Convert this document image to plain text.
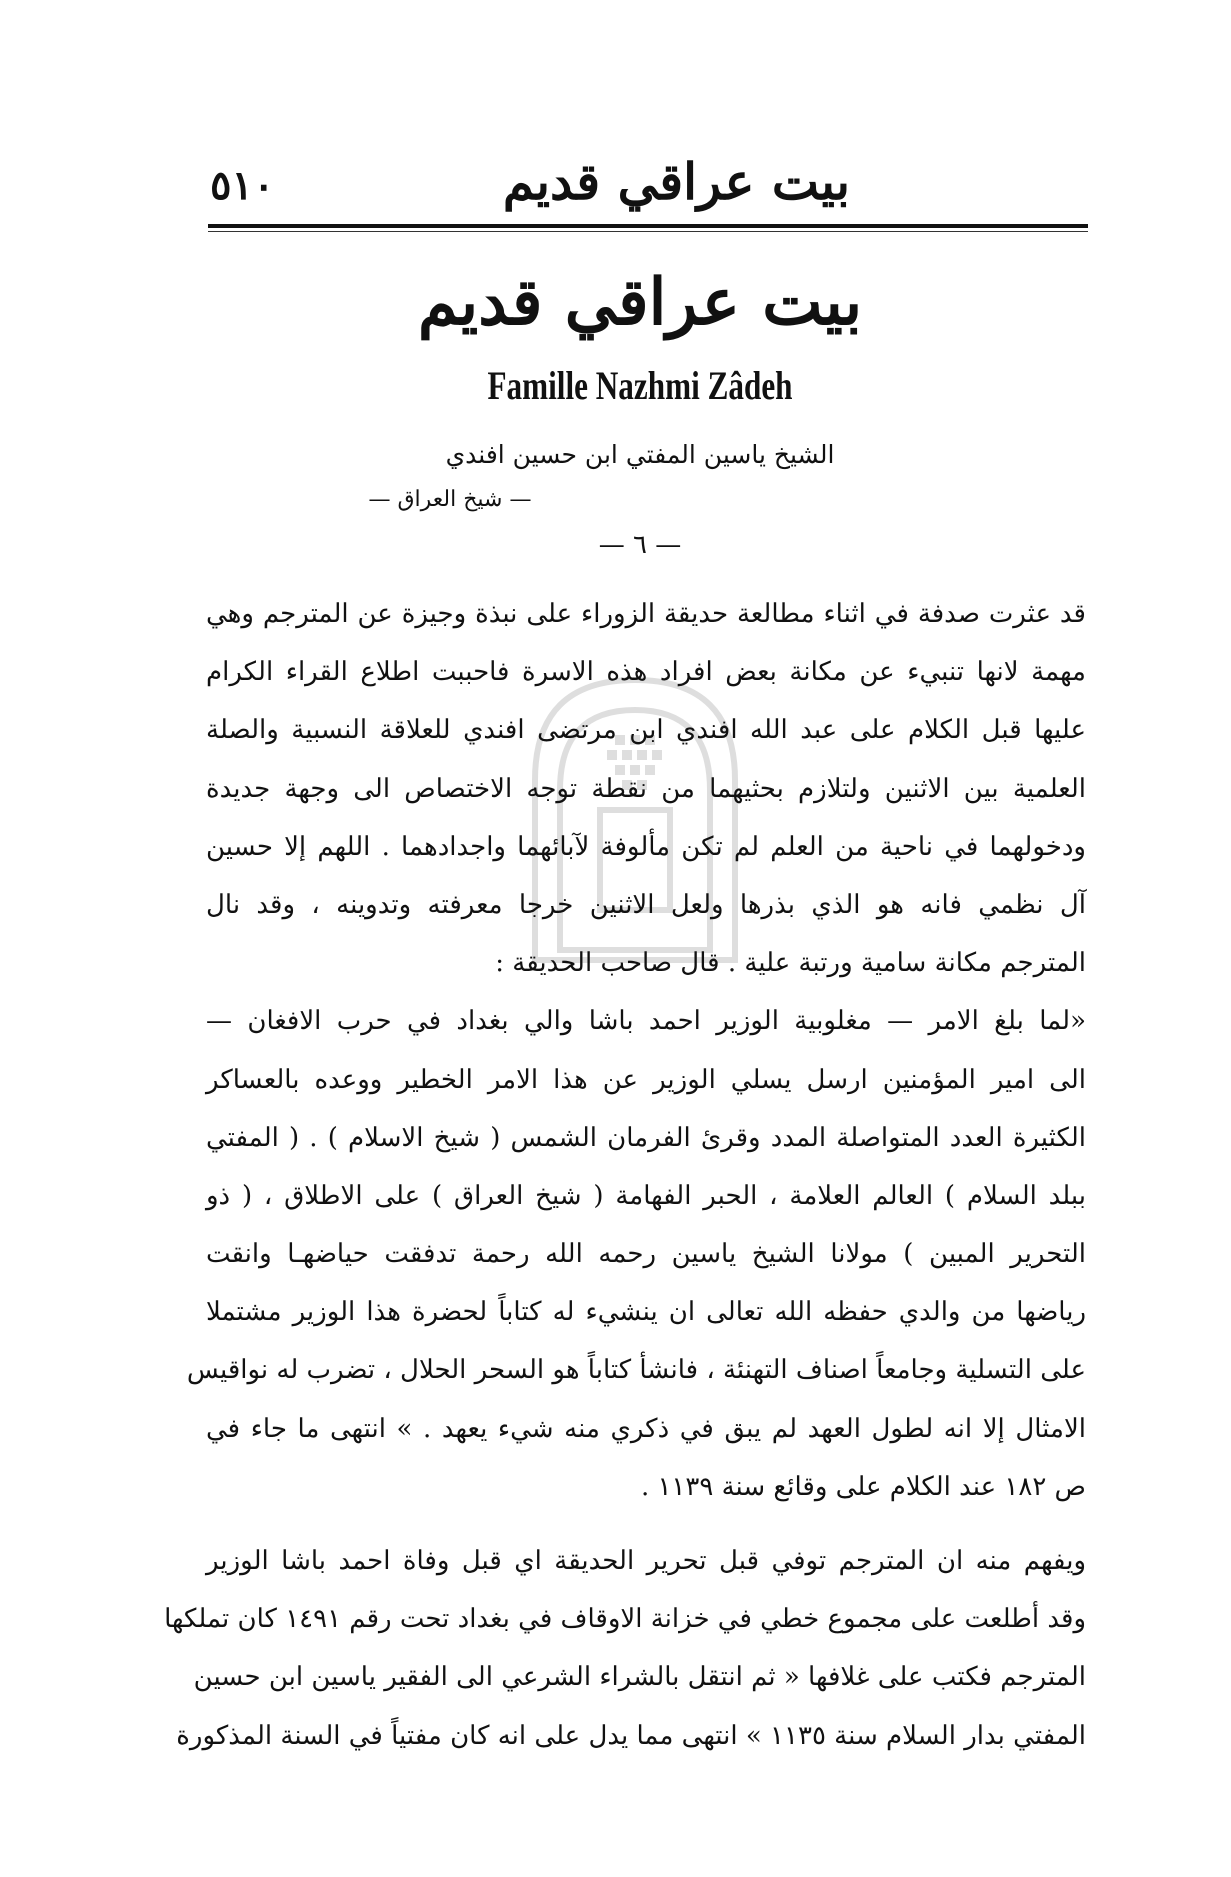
بيت عراقي قديم
٥١٠
بيت عراقي قديم
Famille Nazhmi Zâdeh
الشيخ ياسين المفتي ابن حسين افندي
— شيخ العراق —
— ٦ —
قد عثرت صدفة في اثناء مطالعة حديقة الزوراء على نبذة وجيزة عن المترجم وهي
مهمة لانها تنبيء عن مكانة بعض افراد هذه الاسرة فاحببت اطلاع القراء الكرام
عليها قبل الكلام على عبد الله افندي ابن مرتضى افندي للعلاقة النسبية والصلة
العلمية بين الاثنين ولتلازم بحثيهما من نقطة توجه الاختصاص الى وجهة جديدة
ودخولهما في ناحية من العلم لم تكن مألوفة لآبائهما واجدادهما . اللهم إلا حسين
آل نظمي فانه هو الذي بذرها ولعل الاثنين خرجا معرفته وتدوينه ، وقد نال
المترجم مكانة سامية ورتبة علية . قال صاحب الحديقة :
«لما بلغ الامر — مغلوبية الوزير احمد باشا والي بغداد في حرب الافغان —
الى امير المؤمنين ارسل يسلي الوزير عن هذا الامر الخطير ووعده بالعساكر
الكثيرة العدد المتواصلة المدد وقرئ الفرمان الشمس ( شيخ الاسلام ) . ( المفتي
ببلد السلام ) العالم العلامة ، الحبر الفهامة ( شيخ العراق ) على الاطلاق ، ( ذو
التحرير المبين ) مولانا الشيخ ياسين رحمه الله رحمة تدفقت حياضهـا وانقت
رياضها من والدي حفظه الله تعالى ان ينشيء له كتاباً لحضرة هذا الوزير مشتملا
على التسلية وجامعاً اصناف التهنئة ، فانشأ كتاباً هو السحر الحلال ، تضرب له نواقيس
الامثال إلا انه لطول العهد لم يبق في ذكري منه شيء يعهد . » انتهى ما جاء في
ص ١٨٢ عند الكلام على وقائع سنة ١١٣٩ .
ويفهم منه ان المترجم توفي قبل تحرير الحديقة اي قبل وفاة احمد باشا الوزير
وقد أطلعت على مجموع خطي في خزانة الاوقاف في بغداد تحت رقم ١٤٩١ كان تملكها
المترجم فكتب على غلافها « ثم انتقل بالشراء الشرعي الى الفقير ياسين ابن حسين
المفتي بدار السلام سنة ١١٣٥ » انتهى مما يدل على انه كان مفتياً في السنة المذكورة
